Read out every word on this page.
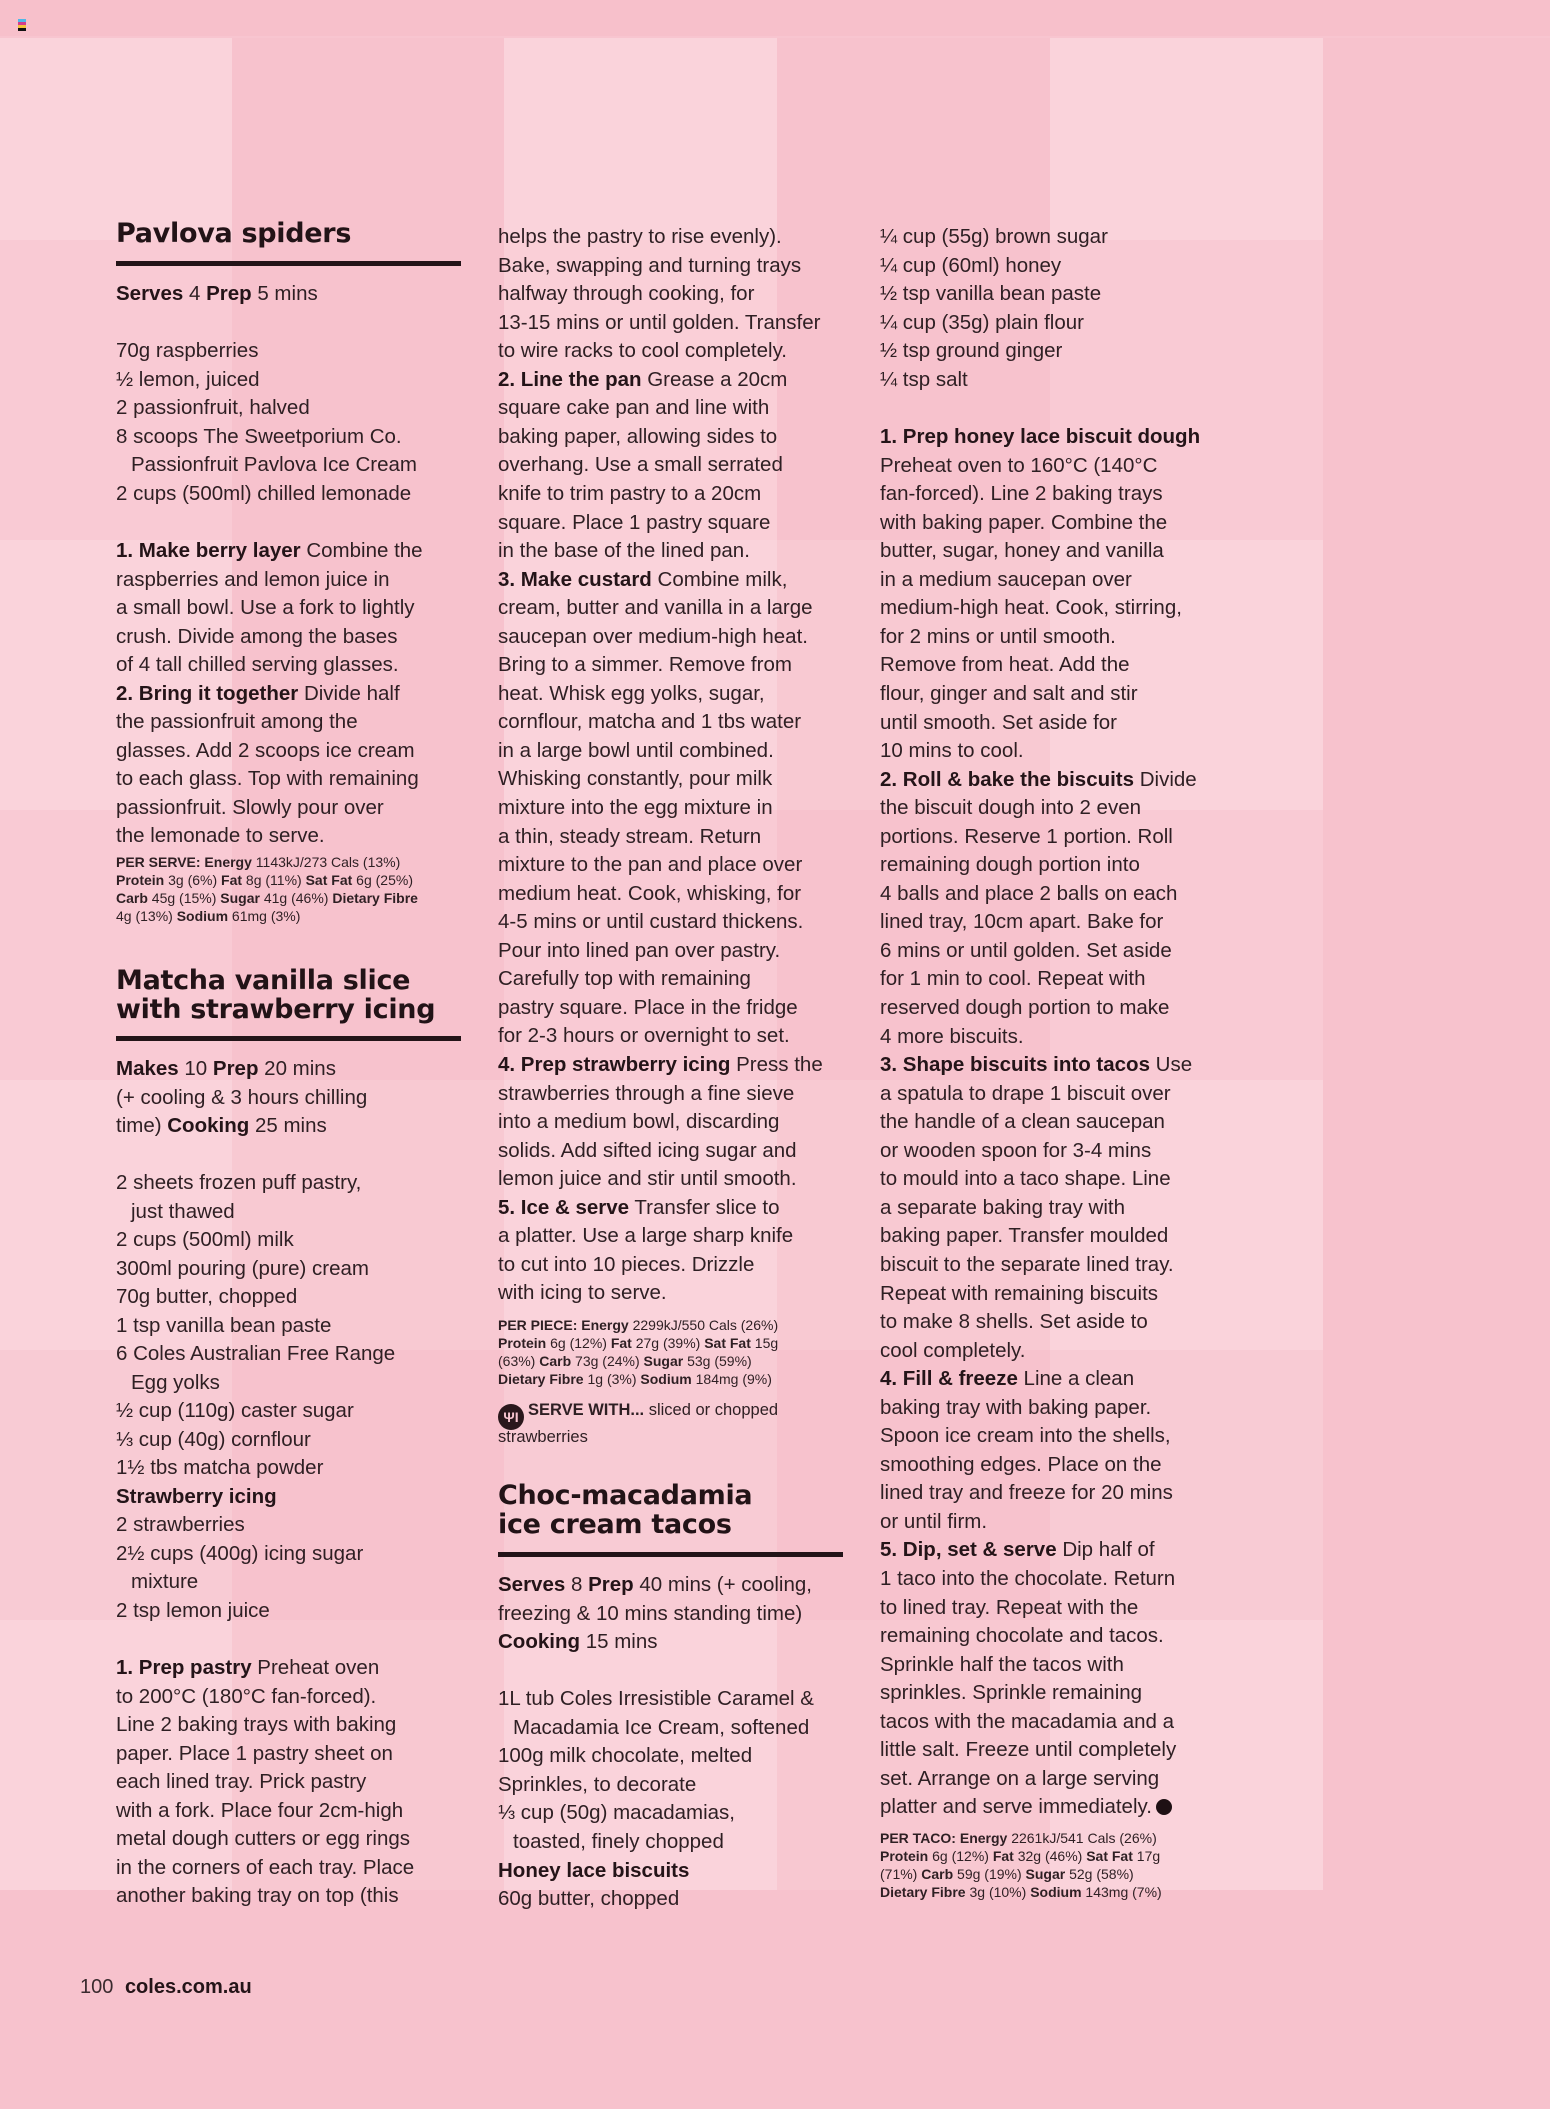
Pavlova spiders
Serves 4 Prep 5 mins
70g raspberries
½ lemon, juiced
2 passionfruit, halved
8 scoops The Sweetporium Co.
Passionfruit Pavlova Ice Cream
2 cups (500ml) chilled lemonade
1. Make berry layer Combine the
raspberries and lemon juice in
a small bowl. Use a fork to lightly
crush. Divide among the bases
of 4 tall chilled serving glasses.
2. Bring it together Divide half
the passionfruit among the
glasses. Add 2 scoops ice cream
to each glass. Top with remaining
passionfruit. Slowly pour over
the lemonade to serve.
PER SERVE: Energy 1143kJ/273 Cals (13%)
Protein 3g (6%) Fat 8g (11%) Sat Fat 6g (25%)
Carb 45g (15%) Sugar 41g (46%) Dietary Fibre
4g (13%) Sodium 61mg (3%)
Matcha vanilla slice
with strawberry icing
Makes 10 Prep 20 mins
(+ cooling & 3 hours chilling
time) Cooking 25 mins
2 sheets frozen puff pastry,
just thawed
2 cups (500ml) milk
300ml pouring (pure) cream
70g butter, chopped
1 tsp vanilla bean paste
6 Coles Australian Free Range
Egg yolks
½ cup (110g) caster sugar
⅓ cup (40g) cornflour
1½ tbs matcha powder
Strawberry icing
2 strawberries
2½ cups (400g) icing sugar
mixture
2 tsp lemon juice
1. Prep pastry Preheat oven
to 200°C (180°C fan-forced).
Line 2 baking trays with baking
paper. Place 1 pastry sheet on
each lined tray. Prick pastry
with a fork. Place four 2cm-high
metal dough cutters or egg rings
in the corners of each tray. Place
another baking tray on top (this
helps the pastry to rise evenly).
Bake, swapping and turning trays
halfway through cooking, for
13-15 mins or until golden. Transfer
to wire racks to cool completely.
2. Line the pan Grease a 20cm
square cake pan and line with
baking paper, allowing sides to
overhang. Use a small serrated
knife to trim pastry to a 20cm
square. Place 1 pastry square
in the base of the lined pan.
3. Make custard Combine milk,
cream, butter and vanilla in a large
saucepan over medium-high heat.
Bring to a simmer. Remove from
heat. Whisk egg yolks, sugar,
cornflour, matcha and 1 tbs water
in a large bowl until combined.
Whisking constantly, pour milk
mixture into the egg mixture in
a thin, steady stream. Return
mixture to the pan and place over
medium heat. Cook, whisking, for
4-5 mins or until custard thickens.
Pour into lined pan over pastry.
Carefully top with remaining
pastry square. Place in the fridge
for 2-3 hours or overnight to set.
4. Prep strawberry icing Press the
strawberries through a fine sieve
into a medium bowl, discarding
solids. Add sifted icing sugar and
lemon juice and stir until smooth.
5. Ice & serve Transfer slice to
a platter. Use a large sharp knife
to cut into 10 pieces. Drizzle
with icing to serve.
PER PIECE: Energy 2299kJ/550 Cals (26%)
Protein 6g (12%) Fat 27g (39%) Sat Fat 15g
(63%) Carb 73g (24%) Sugar 53g (59%)
Dietary Fibre 1g (3%) Sodium 184mg (9%)
ΨI SERVE WITH... sliced or chopped
strawberries
Choc-macadamia
ice cream tacos
Serves 8 Prep 40 mins (+ cooling,
freezing & 10 mins standing time)
Cooking 15 mins
1L tub Coles Irresistible Caramel &
Macadamia Ice Cream, softened
100g milk chocolate, melted
Sprinkles, to decorate
⅓ cup (50g) macadamias,
toasted, finely chopped
Honey lace biscuits
60g butter, chopped
¼ cup (55g) brown sugar
¼ cup (60ml) honey
½ tsp vanilla bean paste
¼ cup (35g) plain flour
½ tsp ground ginger
¼ tsp salt
1. Prep honey lace biscuit dough
Preheat oven to 160°C (140°C
fan-forced). Line 2 baking trays
with baking paper. Combine the
butter, sugar, honey and vanilla
in a medium saucepan over
medium-high heat. Cook, stirring,
for 2 mins or until smooth.
Remove from heat. Add the
flour, ginger and salt and stir
until smooth. Set aside for
10 mins to cool.
2. Roll & bake the biscuits Divide
the biscuit dough into 2 even
portions. Reserve 1 portion. Roll
remaining dough portion into
4 balls and place 2 balls on each
lined tray, 10cm apart. Bake for
6 mins or until golden. Set aside
for 1 min to cool. Repeat with
reserved dough portion to make
4 more biscuits.
3. Shape biscuits into tacos Use
a spatula to drape 1 biscuit over
the handle of a clean saucepan
or wooden spoon for 3-4 mins
to mould into a taco shape. Line
a separate baking tray with
baking paper. Transfer moulded
biscuit to the separate lined tray.
Repeat with remaining biscuits
to make 8 shells. Set aside to
cool completely.
4. Fill & freeze Line a clean
baking tray with baking paper.
Spoon ice cream into the shells,
smoothing edges. Place on the
lined tray and freeze for 20 mins
or until firm.
5. Dip, set & serve Dip half of
1 taco into the chocolate. Return
to lined tray. Repeat with the
remaining chocolate and tacos.
Sprinkle half the tacos with
sprinkles. Sprinkle remaining
tacos with the macadamia and a
little salt. Freeze until completely
set. Arrange on a large serving
platter and serve immediately.
PER TACO: Energy 2261kJ/541 Cals (26%)
Protein 6g (12%) Fat 32g (46%) Sat Fat 17g
(71%) Carb 59g (19%) Sugar 52g (58%)
Dietary Fibre 3g (10%) Sodium 143mg (7%)
100 coles.com.au
